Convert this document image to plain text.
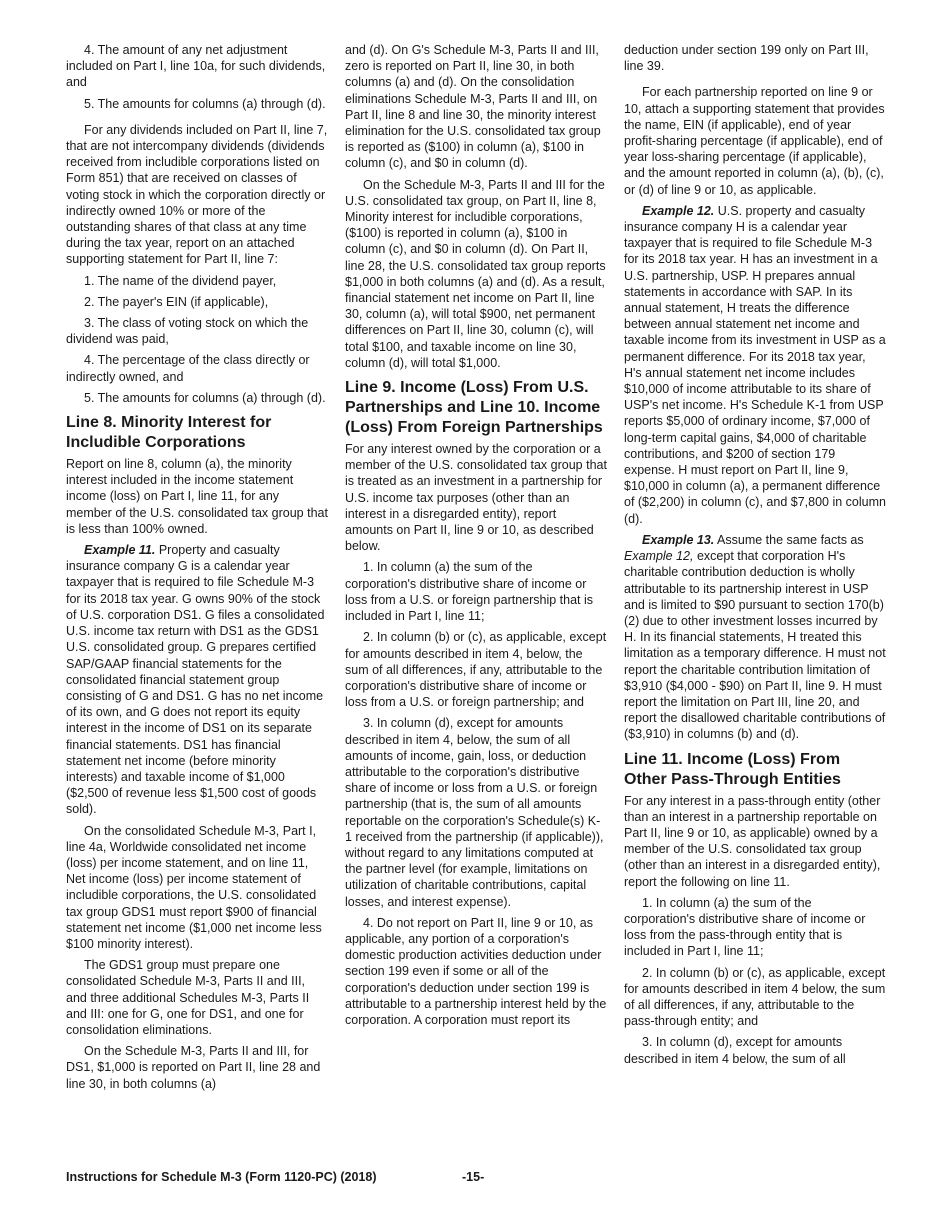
4. The amount of any net adjustment included on Part I, line 10a, for such dividends, and

5. The amounts for columns (a) through (d).

For any dividends included on Part II, line 7, that are not intercompany dividends (dividends received from includible corporations listed on Form 851) that are received on classes of voting stock in which the corporation directly or indirectly owned 10% or more of the outstanding shares of that class at any time during the tax year, report on an attached supporting statement for Part II, line 7:

1. The name of the dividend payer,

2. The payer's EIN (if applicable),

3. The class of voting stock on which the dividend was paid,

4. The percentage of the class directly or indirectly owned, and

5. The amounts for columns (a) through (d).

Line 8. Minority Interest for Includible Corporations

Report on line 8, column (a), the minority interest included in the income statement income (loss) on Part I, line 11, for any member of the U.S. consolidated tax group that is less than 100% owned.

Example 11. Property and casualty insurance company G is a calendar year taxpayer that is required to file Schedule M-3 for its 2018 tax year. G owns 90% of the stock of U.S. corporation DS1. G files a consolidated U.S. income tax return with DS1 as the GDS1 U.S. consolidated group. G prepares certified SAP/GAAP financial statements for the consolidated financial statement group consisting of G and DS1. G has no net income of its own, and G does not report its equity interest in the income of DS1 on its separate financial statements. DS1 has financial statement net income (before minority interests) and taxable income of $1,000 ($2,500 of revenue less $1,500 cost of goods sold).

On the consolidated Schedule M-3, Part I, line 4a, Worldwide consolidated net income (loss) per income statement, and on line 11, Net income (loss) per income statement of includible corporations, the U.S. consolidated tax group GDS1 must report $900 of financial statement net income ($1,000 net income less $100 minority interest).

The GDS1 group must prepare one consolidated Schedule M-3, Parts II and III, and three additional Schedules M-3, Parts II and III: one for G, one for DS1, and one for consolidation eliminations.

On the Schedule M-3, Parts II and III, for DS1, $1,000 is reported on Part II, line 28 and line 30, in both columns (a)

and (d). On G's Schedule M-3, Parts II and III, zero is reported on Part II, line 30, in both columns (a) and (d). On the consolidation eliminations Schedule M-3, Parts II and III, on Part II, line 8 and line 30, the minority interest elimination for the U.S. consolidated tax group is reported as ($100) in column (a), $100 in column (c), and $0 in column (d).

On the Schedule M-3, Parts II and III for the U.S. consolidated tax group, on Part II, line 8, Minority interest for includible corporations, ($100) is reported in column (a), $100 in column (c), and $0 in column (d). On Part II, line 28, the U.S. consolidated tax group reports $1,000 in both columns (a) and (d). As a result, financial statement net income on Part II, line 30, column (a), will total $900, net permanent differences on Part II, line 30, column (c), will total $100, and taxable income on line 30, column (d), will total $1,000.

Line 9. Income (Loss) From U.S. Partnerships and Line 10. Income (Loss) From Foreign Partnerships

For any interest owned by the corporation or a member of the U.S. consolidated tax group that is treated as an investment in a partnership for U.S. income tax purposes (other than an interest in a disregarded entity), report amounts on Part II, line 9 or 10, as described below.

1. In column (a) the sum of the corporation's distributive share of income or loss from a U.S. or foreign partnership that is included in Part I, line 11;

2. In column (b) or (c), as applicable, except for amounts described in item 4, below, the sum of all differences, if any, attributable to the corporation's distributive share of income or loss from a U.S. or foreign partnership; and

3. In column (d), except for amounts described in item 4, below, the sum of all amounts of income, gain, loss, or deduction attributable to the corporation's distributive share of income or loss from a U.S. or foreign partnership (that is, the sum of all amounts reportable on the corporation's Schedule(s) K-1 received from the partnership (if applicable)), without regard to any limitations computed at the partner level (for example, limitations on utilization of charitable contributions, capital losses, and interest expense).

4. Do not report on Part II, line 9 or 10, as applicable, any portion of a corporation's domestic production activities deduction under section 199 even if some or all of the corporation's deduction under section 199 is attributable to a partnership interest held by the corporation. A corporation must report its

deduction under section 199 only on Part III, line 39.

For each partnership reported on line 9 or 10, attach a supporting statement that provides the name, EIN (if applicable), end of year profit-sharing percentage (if applicable), end of year loss-sharing percentage (if applicable), and the amount reported in column (a), (b), (c), or (d) of line 9 or 10, as applicable.

Example 12. U.S. property and casualty insurance company H is a calendar year taxpayer that is required to file Schedule M-3 for its 2018 tax year. H has an investment in a U.S. partnership, USP. H prepares annual statements in accordance with SAP. In its annual statement, H treats the difference between annual statement net income and taxable income from its investment in USP as a permanent difference. For its 2018 tax year, H's annual statement net income includes $10,000 of income attributable to its share of USP's net income. H's Schedule K-1 from USP reports $5,000 of ordinary income, $7,000 of long-term capital gains, $4,000 of charitable contributions, and $200 of section 179 expense. H must report on Part II, line 9, $10,000 in column (a), a permanent difference of ($2,200) in column (c), and $7,800 in column (d).

Example 13. Assume the same facts as Example 12, except that corporation H's charitable contribution deduction is wholly attributable to its partnership interest in USP and is limited to $90 pursuant to section 170(b)(2) due to other investment losses incurred by H. In its financial statements, H treated this limitation as a temporary difference. H must not report the charitable contribution limitation of $3,910 ($4,000 - $90) on Part II, line 9. H must report the limitation on Part III, line 20, and report the disallowed charitable contributions of ($3,910) in columns (b) and (d).

Line 11. Income (Loss) From Other Pass-Through Entities

For any interest in a pass-through entity (other than an interest in a partnership reportable on Part II, line 9 or 10, as applicable) owned by a member of the U.S. consolidated tax group (other than an interest in a disregarded entity), report the following on line 11.

1. In column (a) the sum of the corporation's distributive share of income or loss from the pass-through entity that is included in Part I, line 11;

2. In column (b) or (c), as applicable, except for amounts described in item 4 below, the sum of all differences, if any, attributable to the pass-through entity; and

3. In column (d), except for amounts described in item 4 below, the sum of all

Instructions for Schedule M-3 (Form 1120-PC) (2018)	-15-
